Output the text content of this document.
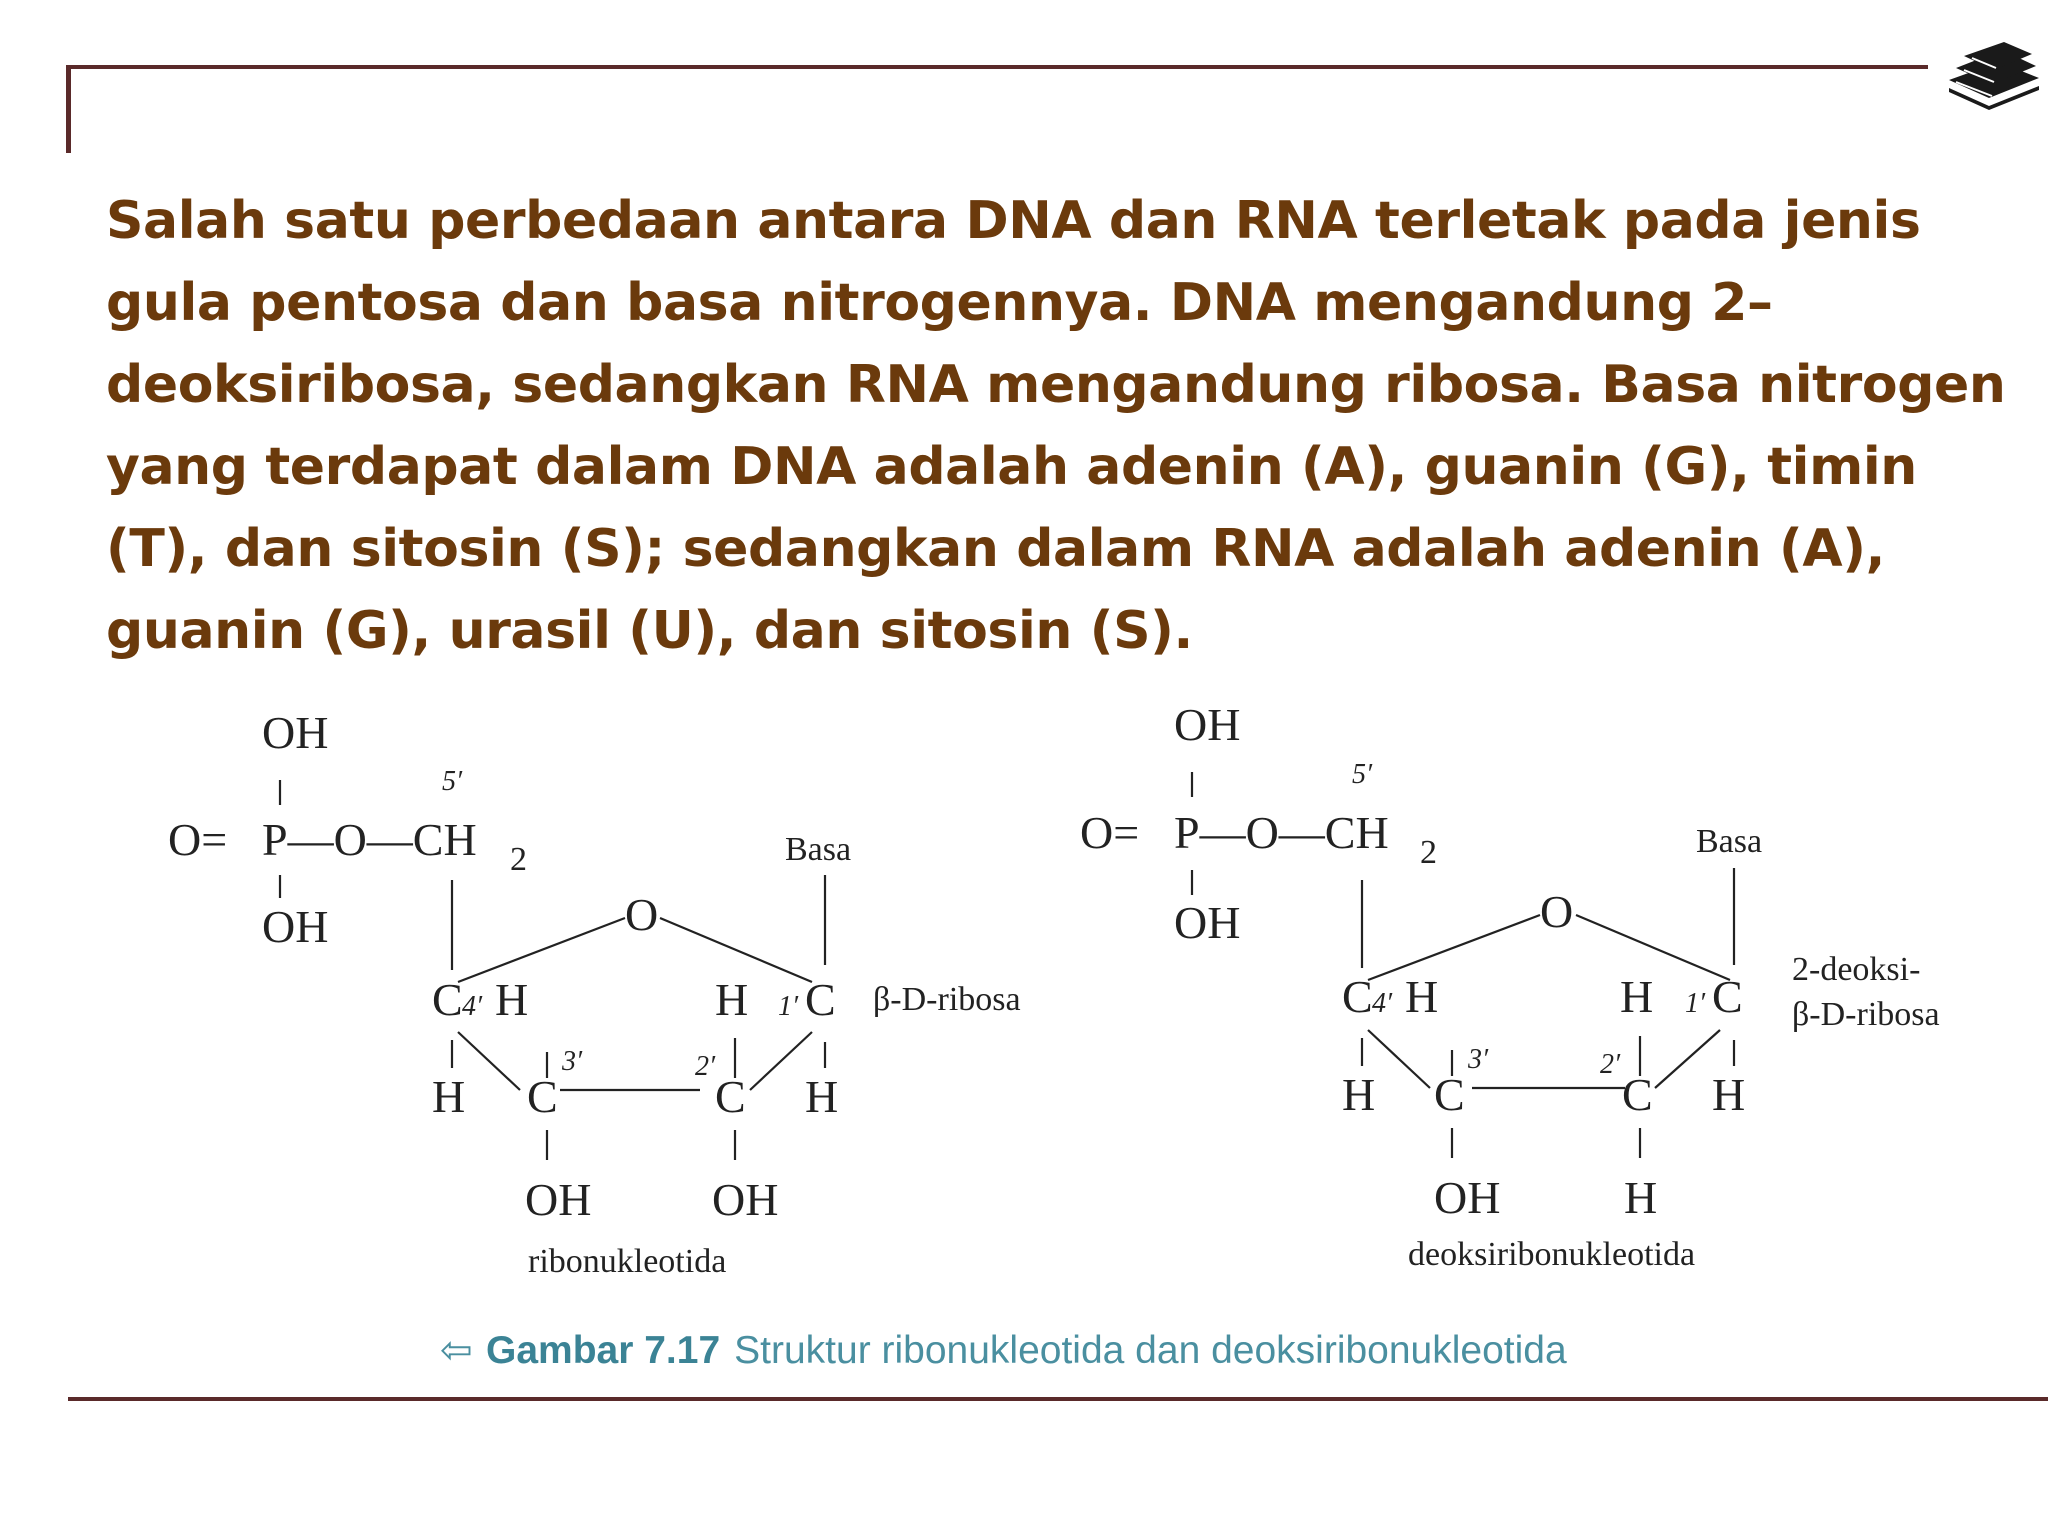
Salah satu perbedaan antara DNA dan RNA terletak pada jenis gula pentosa dan basa nitrogennya. DNA mengandung 2–deoksiribosa, sedangkan RNA mengandung ribosa. Basa nitrogen yang terdapat dalam DNA adalah adenin (A), guanin (G), timin (T), dan sitosin (S); sedangkan dalam RNA adalah adenin (A), guanin (G), urasil (U), dan sitosin (S).

OH
O= P—O—CH 2
5′
OH
Basa
O
C 4′ H	H 1′ C β-D-ribosa
H
3′
C
2′
C H
OH	OH
ribonukleotida
OH
O= P—O—CH 2
5′
OH
Basa
O
C 4′ H	H 1′ C
2-deoksi-
β-D-ribosa
H
3′
C
2′
C H
OH	H
deoksiribonukleotida
⇦ Gambar 7.17 Struktur ribonukleotida dan deoksiribonukleotida
